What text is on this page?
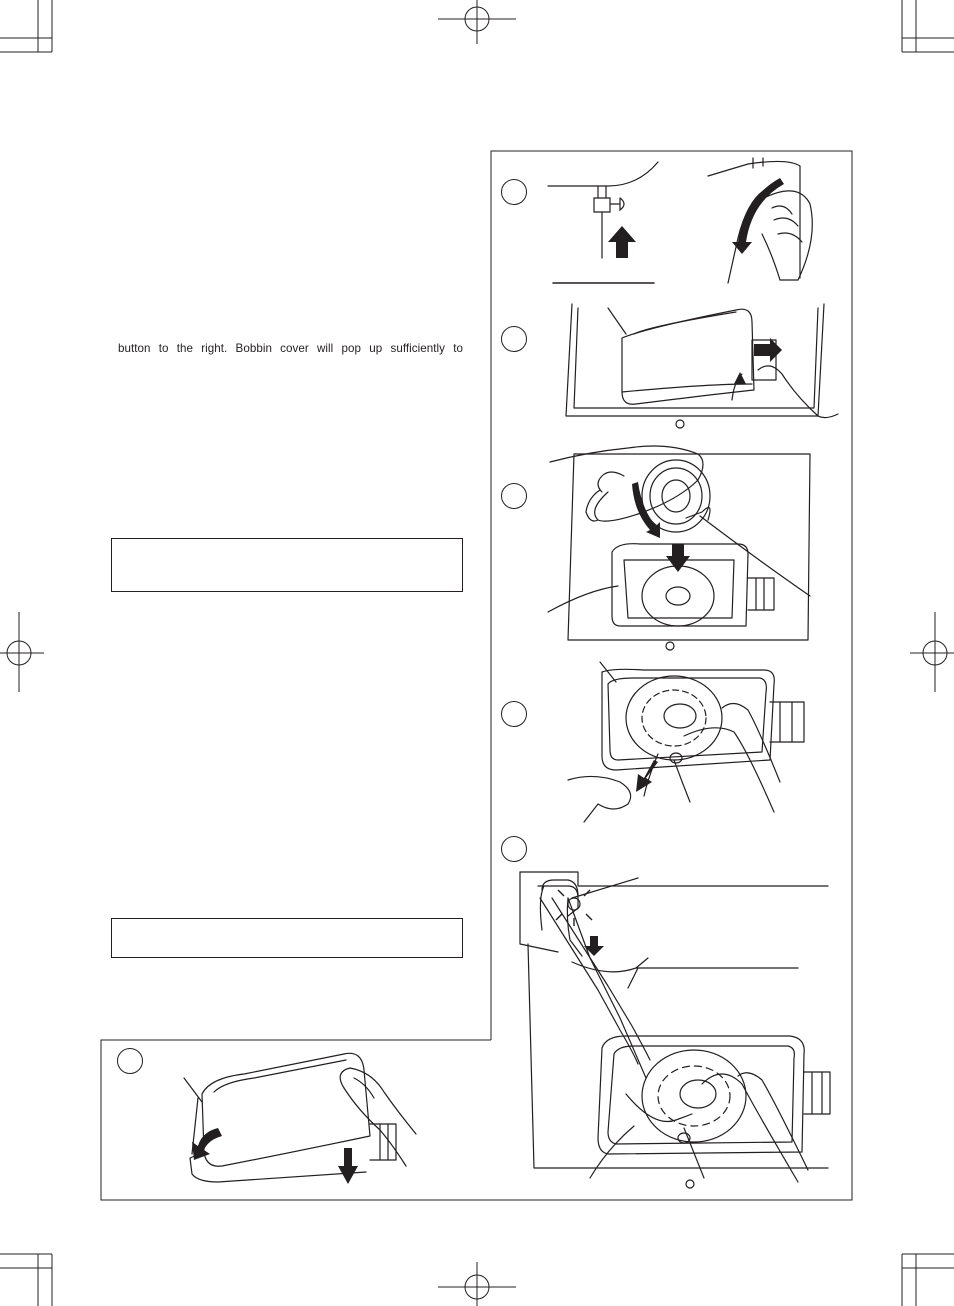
button to the right. Bobbin cover will pop up sufficiently to
